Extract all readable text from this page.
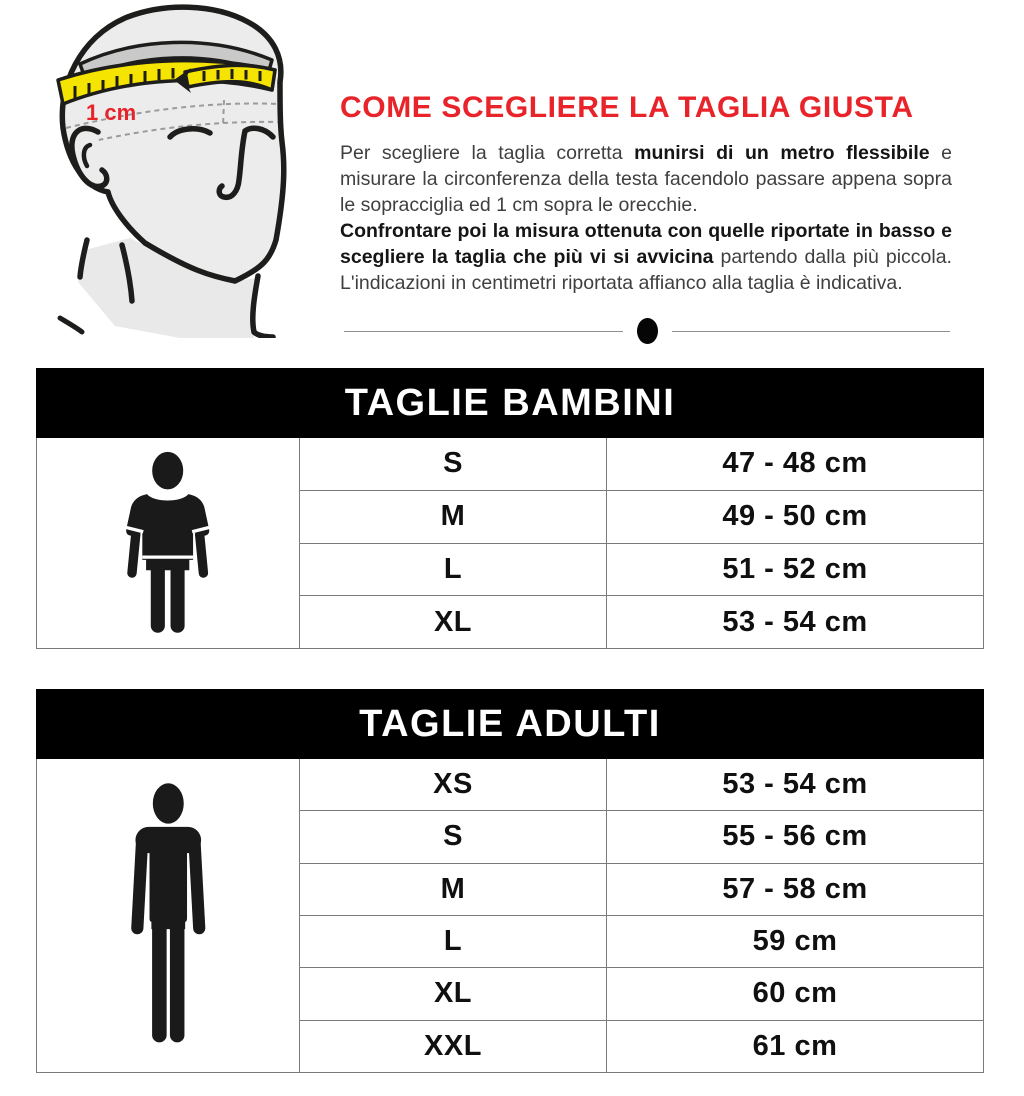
1 cm	COME SCEGLIERE LA TAGLIA GIUSTA

Per scegliere la taglia corretta munirsi di un metro flessibile e misurare la circonferenza della testa facendolo passare appena sopra le sopracciglia ed 1 cm sopra le orecchie.

Confrontare poi la misura ottenuta con quelle riportate in basso e scegliere la taglia che più vi si avvicina partendo dalla più piccola. L'indicazioni in centimetri riportata affianco alla taglia è indicativa.

TAGLIE BAMBINI
S	47 - 48 cm
M	49 - 50 cm
L	51 - 52 cm
XL	53 - 54 cm
TAGLIE ADULTI
XS	53 - 54 cm
S	55 - 56 cm
M	57 - 58 cm
L	59 cm
XL	60 cm
XXL	61 cm
